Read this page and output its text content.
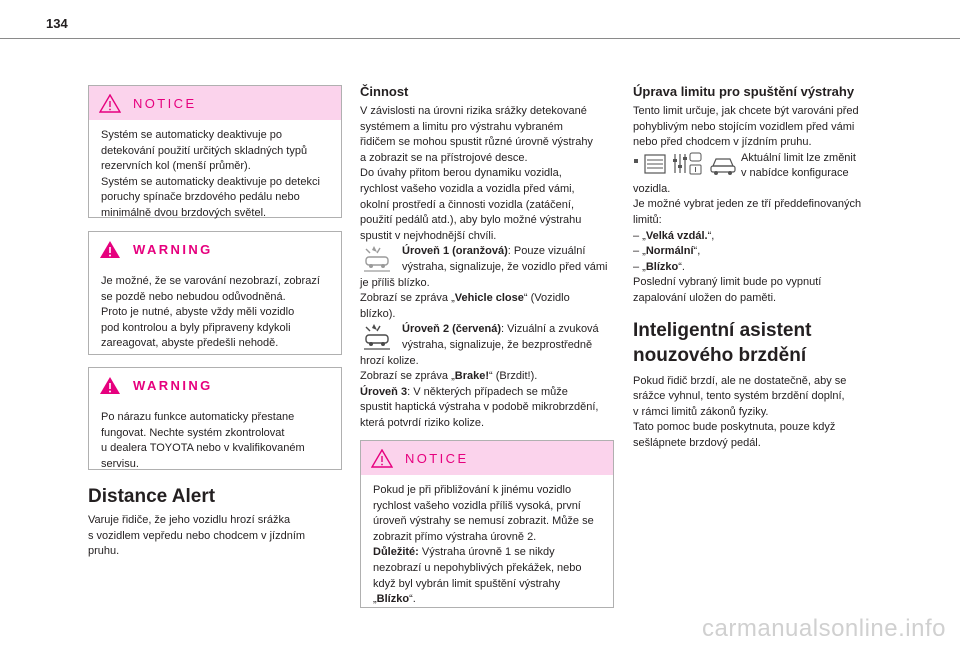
134
NOTICE

Systém se automaticky deaktivuje po

detekování použití určitých skladných typů

rezervních kol (menší průměr).

Systém se automaticky deaktivuje po detekci

poruchy spínače brzdového pedálu nebo

minimálně dvou brzdových světel.

WARNING

Je možné, že se varování nezobrazí, zobrazí

se pozdě nebo nebudou odůvodněná.

Proto je nutné, abyste vždy měli vozidlo

pod kontrolou a byly připraveny kdykoli

zareagovat, abyste předešli nehodě.

WARNING

Po nárazu funkce automaticky přestane

fungovat. Nechte systém zkontrolovat

u dealera TOYOTA nebo v kvalifikovaném

servisu.

Distance Alert

Varuje řidiče, že jeho vozidlu hrozí srážka

s vozidlem vepředu nebo chodcem v jízdním

pruhu.

Činnost

V závislosti na úrovni rizika srážky detekované

systémem a limitu pro výstrahu vybraném

řidičem se mohou spustit různé úrovně výstrahy

a zobrazit se na přístrojové desce.

Do úvahy přitom berou dynamiku vozidla,

rychlost vašeho vozidla a vozidla před vámi,

okolní prostředí a činnosti vozidla (zatáčení,

použití pedálů atd.), aby bylo možné výstrahu

spustit v nejvhodnější chvíli.

Úroveň 1 (oranžová): Pouze vizuální

výstraha, signalizuje, že vozidlo před vámi

je příliš blízko.

Zobrazí se zpráva „Vehicle close“ (Vozidlo

blízko).

Úroveň 2 (červená): Vizuální a zvuková

výstraha, signalizuje, že bezprostředně

hrozí kolize.

Zobrazí se zpráva „Brake!“ (Brzdit!).

Úroveň 3: V některých případech se může

spustit haptická výstraha v podobě mikrobrzdění,

která potvrdí riziko kolize.

NOTICE

Pokud je při přibližování k jinému vozidlo

rychlost vašeho vozidla příliš vysoká, první

úroveň výstrahy se nemusí zobrazit. Může se

zobrazit přímo výstraha úrovně 2.

Důležité: Výstraha úrovně 1 se nikdy

nezobrazí u nepohyblivých překážek, nebo

když byl vybrán limit spuštění výstrahy

„Blízko“.

Úprava limitu pro spuštění výstrahy

Tento limit určuje, jak chcete být varováni před

pohyblivým nebo stojícím vozidlem před vámi

nebo před chodcem v jízdním pruhu.

Aktuální limit lze změnit

v nabídce konfigurace

vozidla.

Je možné vybrat jeden ze tří předdefinovaných

limitů:

– „Velká vzdál.“,

– „Normální“,

– „Blízko“.

Poslední vybraný limit bude po vypnutí

zapalování uložen do paměti.

Inteligentní asistent

nouzového brzdění

Pokud řidič brzdí, ale ne dostatečně, aby se

srážce vyhnul, tento systém brzdění doplní,

v rámci limitů zákonů fyziky.

Tato pomoc bude poskytnuta, pouze když

sešlápnete brzdový pedál.

carmanualsonline.info
